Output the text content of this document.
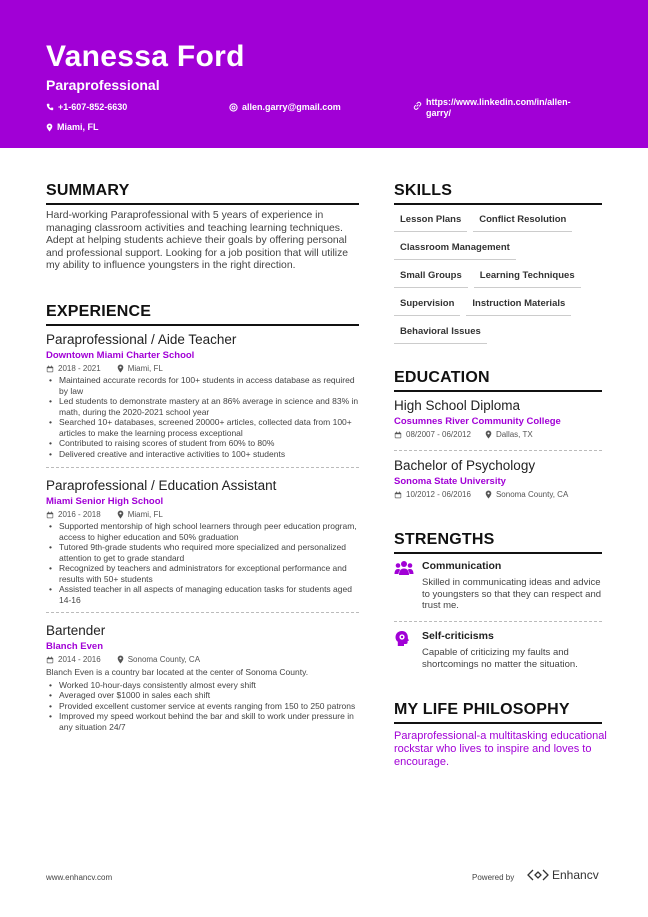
Vanessa Ford
Paraprofessional
+1-607-852-6630	allen.garry@gmail.com	https://www.linkedin.com/in/allen-
garry/
Miami, FL
SUMMARY
Hard-working Paraprofessional with 5 years of experience in managing classroom activities and teaching learning techniques. Adept at helping students achieve their goals by offering personal and professional support. Looking for a job position that will utilize my ability to influence youngsters in the right direction.
EXPERIENCE
Paraprofessional / Aide Teacher
Downtown Miami Charter School
2018 - 2021	Miami, FL
• Maintained accurate records for 100+ students in access database as required by law
• Led students to demonstrate mastery at an 86% average in science and 83% in math, during the 2020-2021 school year
• Searched 10+ databases, screened 20000+ articles, collected data from 100+ articles to make the learning process exceptional
• Contributed to raising scores of student from 60% to 80%
• Delivered creative and interactive activities to 100+ students
Paraprofessional / Education Assistant
Miami Senior High School
2016 - 2018	Miami, FL
• Supported mentorship of high school learners through peer education program, access to higher education and 50% graduation
• Tutored 9th-grade students who required more specialized and personalized attention to get to grade standard
• Recognized by teachers and administrators for exceptional performance and results with 50+ students
• Assisted teacher in all aspects of managing education tasks for students aged 14-16
Bartender
Blanch Even
2014 - 2016	Sonoma County, CA
Blanch Even is a country bar located at the center of Sonoma County.
• Worked 10-hour-days consistently almost every shift
• Averaged over $1000 in sales each shift
• Provided excellent customer service at events ranging from 150 to 250 patrons
• Improved my speed workout behind the bar and skill to work under pressure in any situation 24/7
SKILLS
Lesson Plans	Conflict Resolution
Classroom Management
Small Groups	Learning Techniques
Supervision	Instruction Materials
Behavioral Issues
EDUCATION
High School Diploma
Cosumnes River Community College
08/2007 - 06/2012	Dallas, TX
Bachelor of Psychology
Sonoma State University
10/2012 - 06/2016	Sonoma County, CA
STRENGTHS
Communication
Skilled in communicating ideas and advice to youngsters so that they can respect and trust me.
Self-criticisms
Capable of criticizing my faults and shortcomings no matter the situation.
MY LIFE PHILOSOPHY
Paraprofessional-a multitasking educational rockstar who lives to inspire and loves to encourage.
www.enhancv.com	Powered by	Enhancv
